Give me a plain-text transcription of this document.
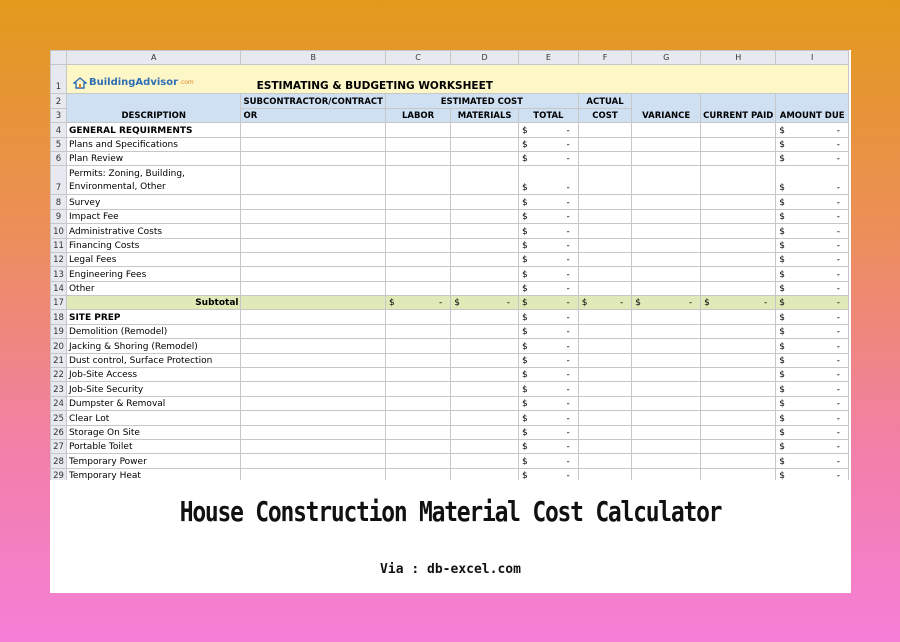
	A	B	C	D	E	F	G	H	I
1	BuildingAdvisor .com ESTIMATING & BUDGETING WORKSHEET								
2	DESCRIPTION	SUBCONTRACTOR/CONTRACT	ESTIMATED COST			ACTUAL	VARIANCE	CURRENT PAID	AMOUNT DUE
3		OR	LABOR	MATERIALS	TOTAL	COST			
4	GENERAL REQUIRMENTS				$ -				$ -

5	Plans and Specifications				$ -				$ -

6	Plan Review				$ -				$ -

7	Permits: Zoning, Building,
Environmental, Other				$ -				$ -

8	Survey				$ -				$ -

9	Impact Fee				$ -				$ -

10	Administrative Costs				$ -				$ -

11	Financing Costs				$ -				$ -

12	Legal Fees				$ -				$ -

13	Engineering Fees				$ -				$ -

14	Other				$ -				$ -

17	Subtotal		$ -	$ -	$ -	$ -	$ -	$ -	$ -

18	SITE PREP				$ -				$ -

19	Demolition (Remodel)				$ -				$ -

20	Jacking & Shoring (Remodel)				$ -				$ -

21	Dust control, Surface Protection				$ -				$ -

22	Job-Site Access				$ -				$ -

23	Job-Site Security				$ -				$ -

24	Dumpster & Removal				$ -				$ -

25	Clear Lot				$ -				$ -

26	Storage On Site				$ -				$ -

27	Portable Toilet				$ -				$ -

28	Temporary Power				$ -				$ -

29	Temporary Heat				$ -				$ -
House Construction Material Cost Calculator
Via : db-excel.com
